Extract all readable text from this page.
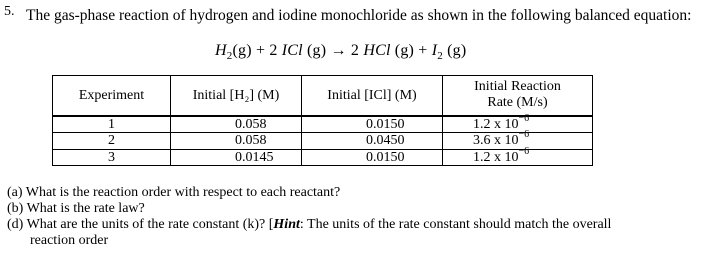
5. The gas-phase reaction of hydrogen and iodine monochloride as shown in the following balanced equation:
$H_2(g) + 2$ ICl (g) → 2 HCl $(g) + I_2$ (g)
Experiment	Initial [H₂] (M)	Initial [ICl] (M)	Initial Reaction
Rate (M/s)
1	0.058	0.0150	1.2 x $10^{-6}$
2	0.058	0.0450	3.6 x $10^{-6}$
3	0.0145	0.0150	1.2 x $10^{-6}$
(a) What is the reaction order with respect to each reactant?
(b) What is the rate law?
(d) What are the units of the rate constant (k)? [Hint: The units of the rate constant should match the overall
reaction order
